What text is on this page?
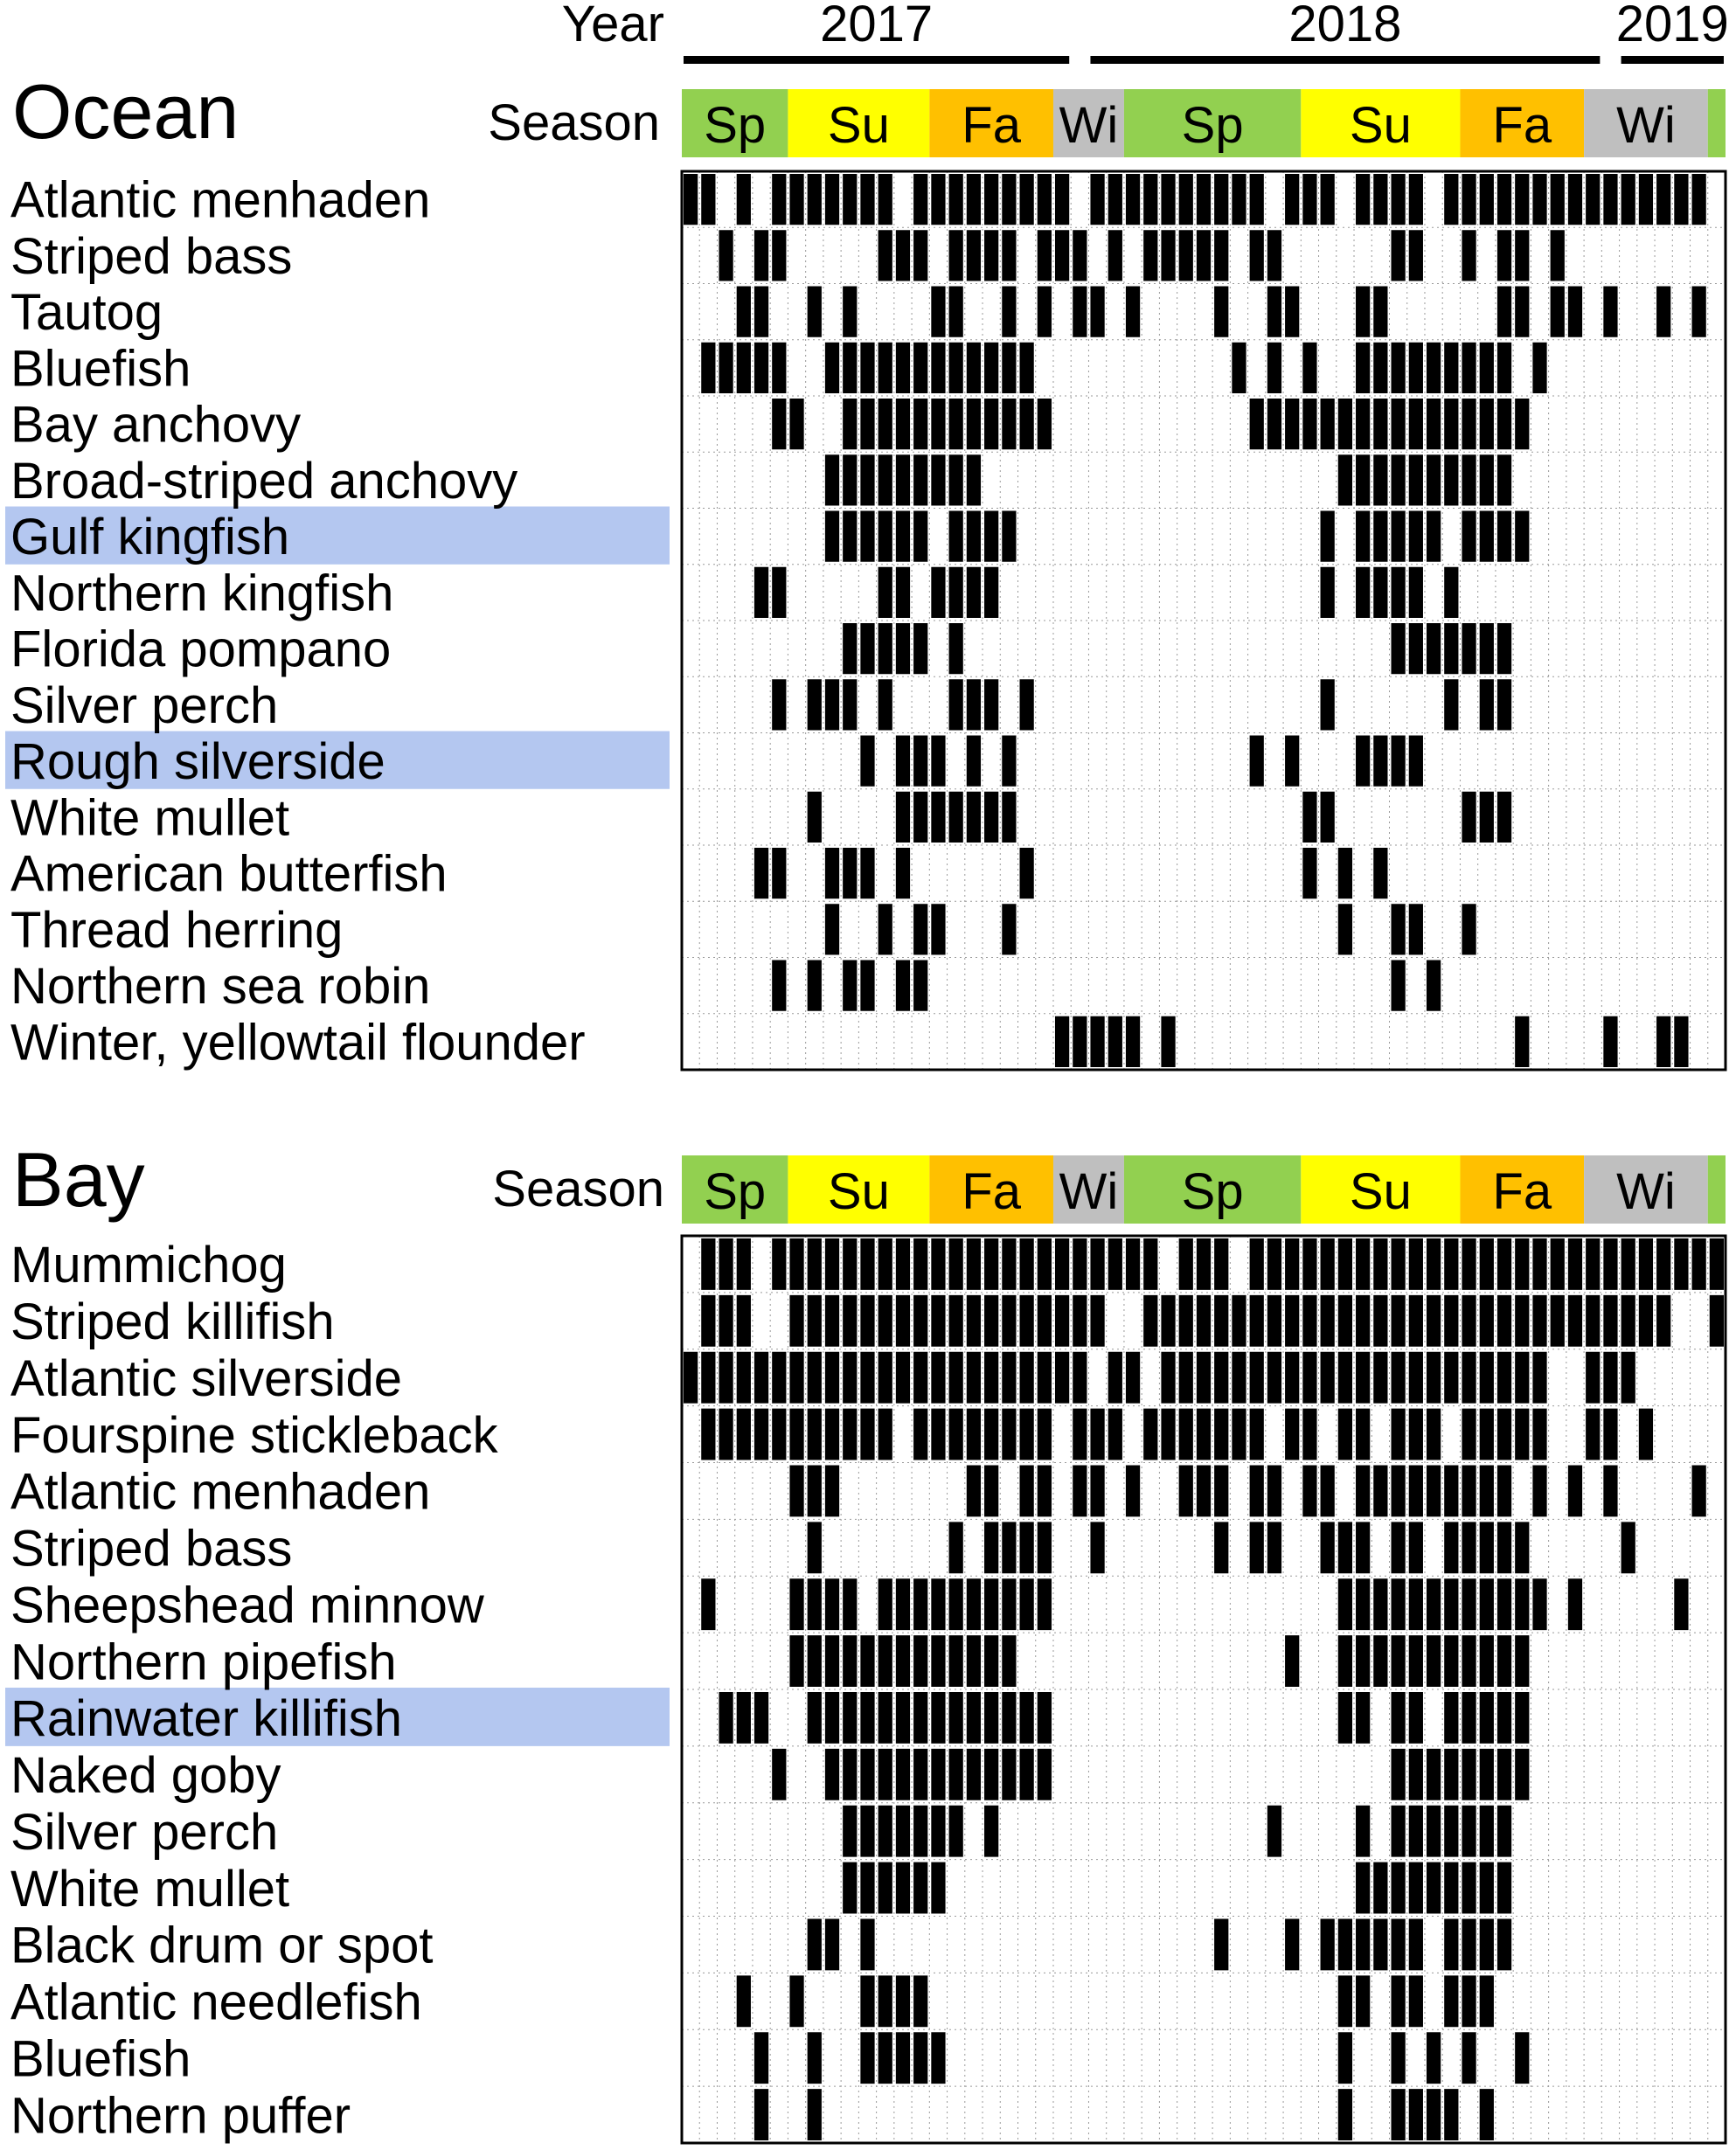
Year	2017	2018	2019
Ocean	Season Sp Su Fa Wi Sp Su Fa Wi
Atlantic menhaden
Striped bass
Tautog
Bluefish
Bay anchovy
Broad-striped anchovy
Gulf kingfish
Northern kingfish
Florida pompano
Silver perch
Rough silverside
White mullet
American butterfish
Thread herring
Northern sea robin
Winter, yellowtail flounder
Bay	Season Sp Su Fa Wi Sp Su Fa Wi
Mummichog
Striped killifish
Atlantic silverside
Fourspine stickleback
Atlantic menhaden
Striped bass
Sheepshead minnow
Northern pipefish
Rainwater killifish
Naked goby
Silver perch
White mullet
Black drum or spot
Atlantic needlefish
Bluefish
Northern puffer
